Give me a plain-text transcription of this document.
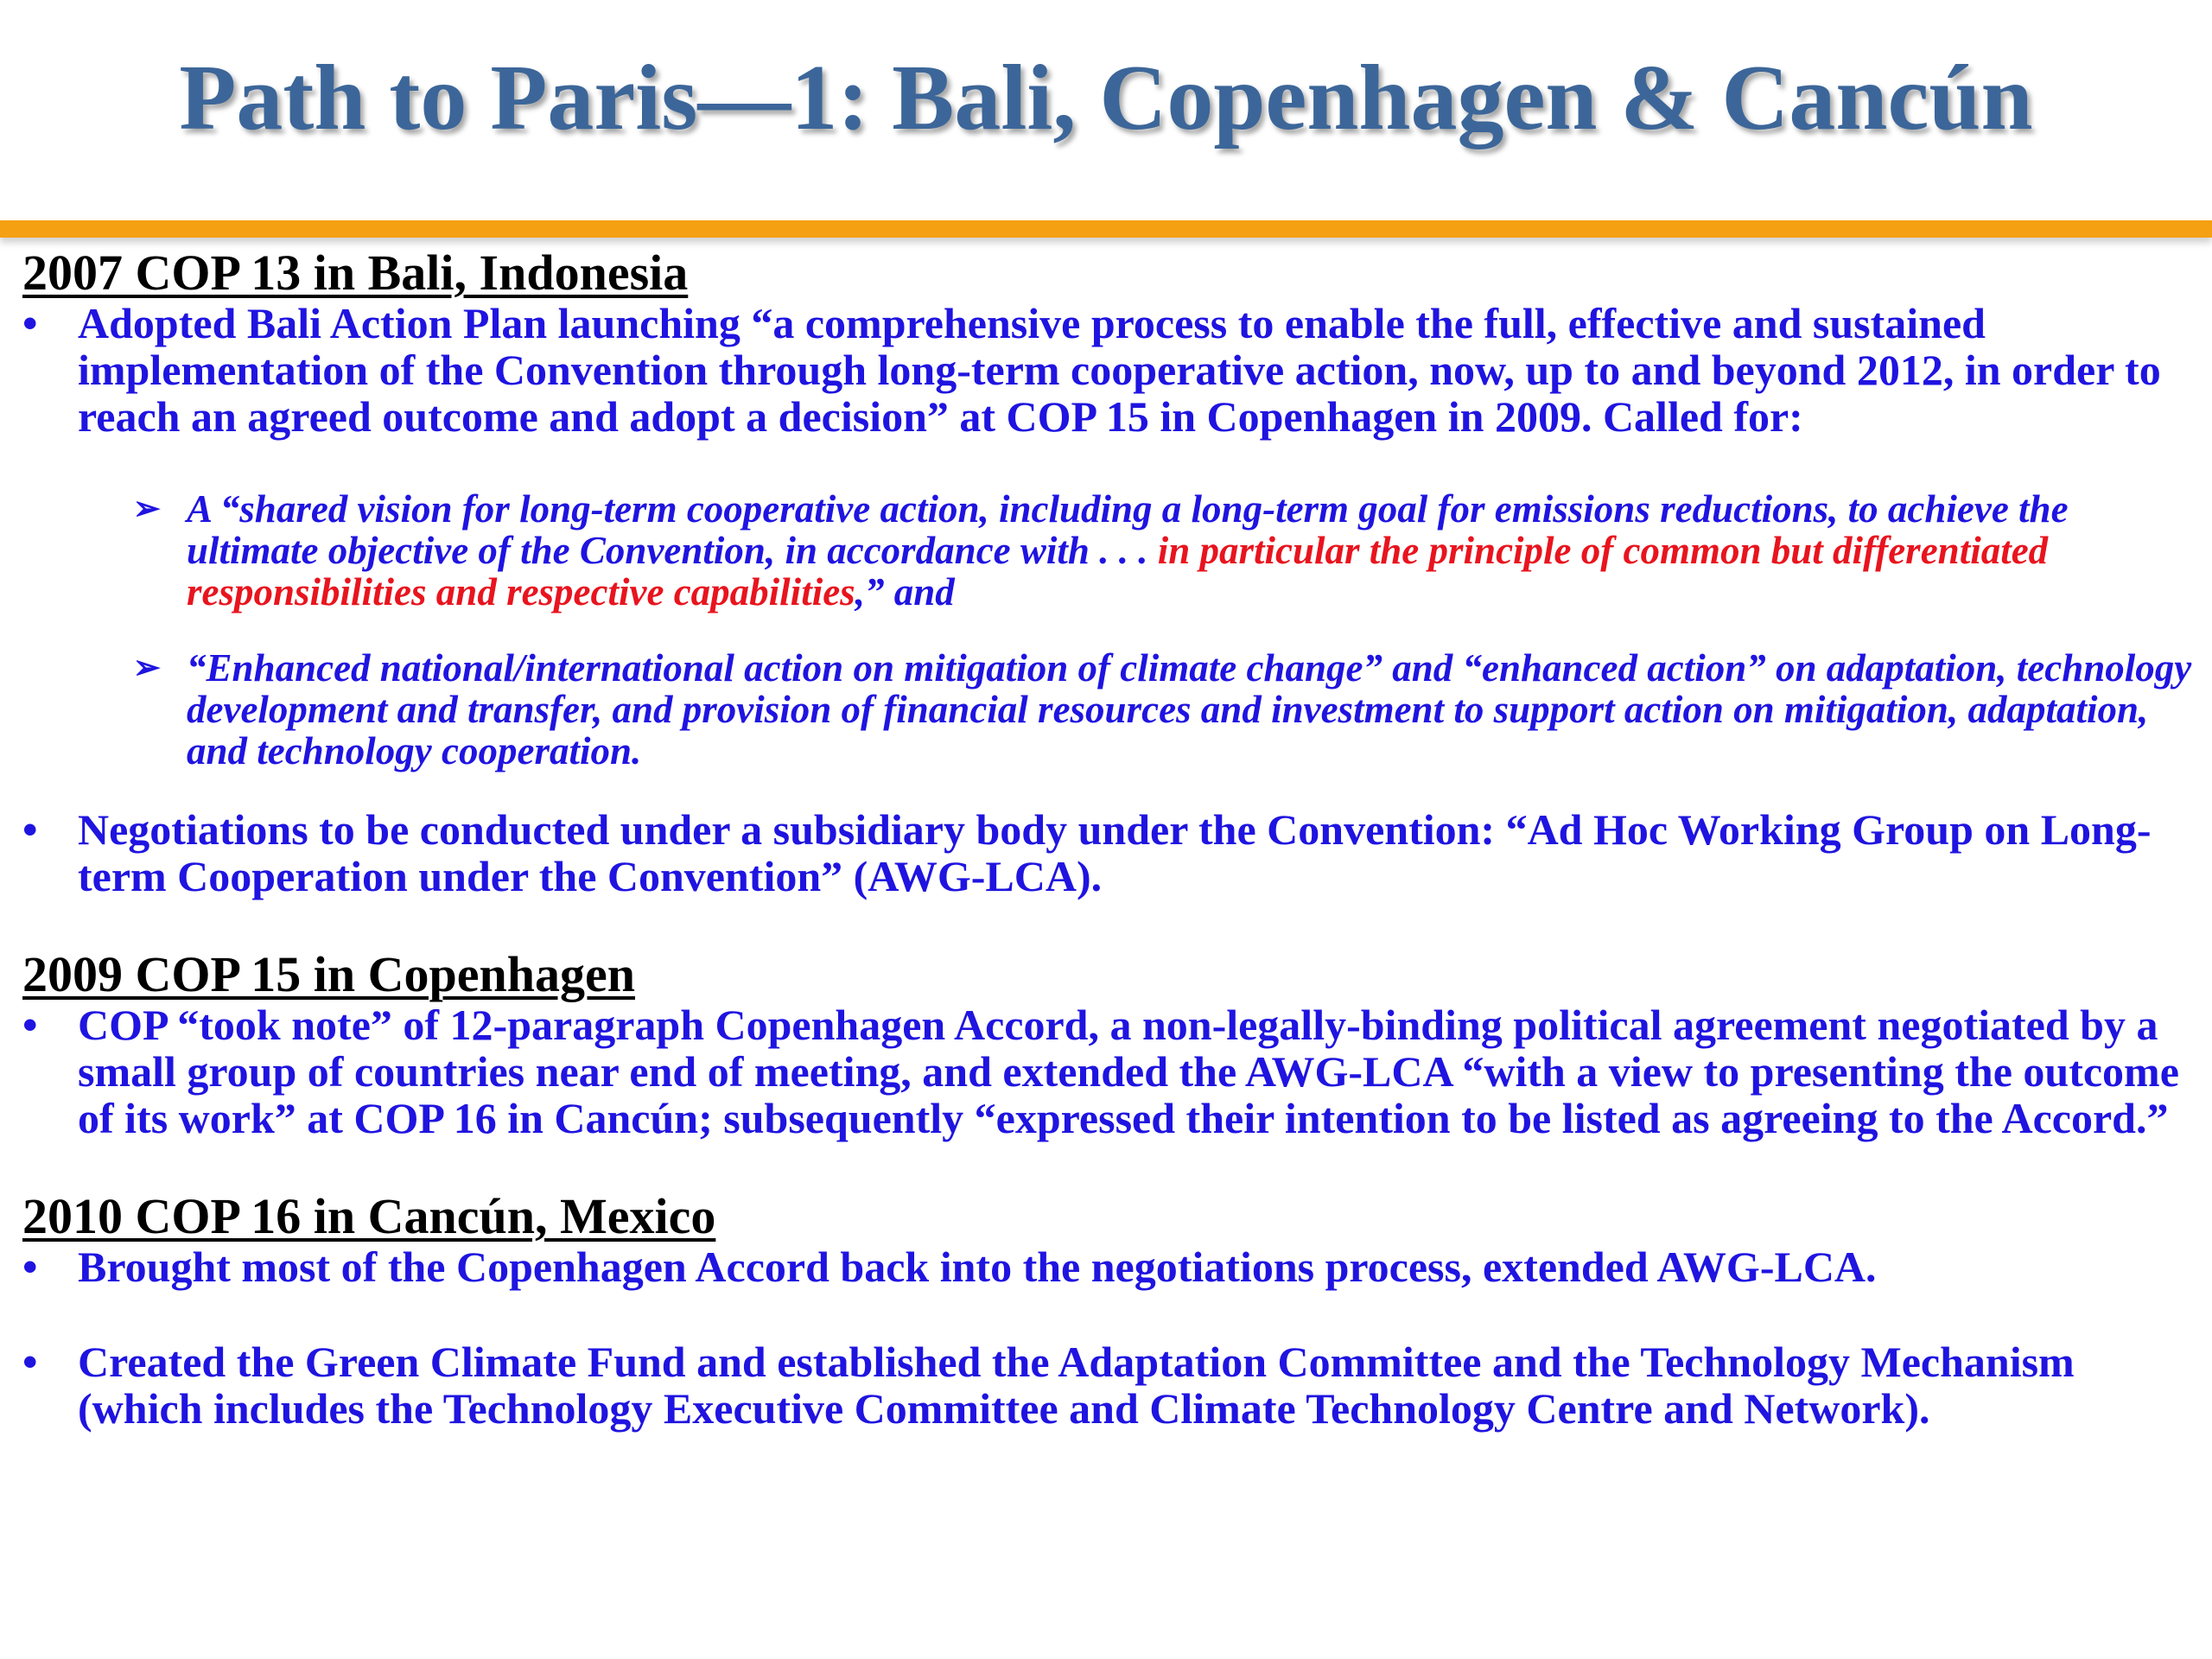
Path to Paris—1: Bali, Copenhagen & Cancún
2007 COP 13 in Bali, Indonesia
• Adopted Bali Action Plan launching “a comprehensive process to enable the full, effective and sustained implementation of the Convention through long-term cooperative action, now, up to and beyond 2012, in order to reach an agreed outcome and adopt a decision” at COP 15 in Copenhagen in 2009. Called for:
➢ A “shared vision for long-term cooperative action, including a long-term goal for emissions reductions, to achieve the ultimate objective of the Convention, in accordance with . . . in particular the principle of common but differentiated responsibilities and respective capabilities,” and
➢ “Enhanced national/international action on mitigation of climate change” and “enhanced action” on adaptation, technology development and transfer, and provision of financial resources and investment to support action on mitigation, adaptation, and technology cooperation.
• Negotiations to be conducted under a subsidiary body under the Convention: “Ad Hoc Working Group on Long-term Cooperation under the Convention” (AWG-LCA).
2009 COP 15 in Copenhagen
• COP “took note” of 12-paragraph Copenhagen Accord, a non-legally-binding political agreement negotiated by a small group of countries near end of meeting, and extended the AWG-LCA “with a view to presenting the outcome of its work” at COP 16 in Cancún; subsequently “expressed their intention to be listed as agreeing to the Accord.”
2010 COP 16 in Cancún, Mexico
• Brought most of the Copenhagen Accord back into the negotiations process, extended AWG-LCA.
• Created the Green Climate Fund and established the Adaptation Committee and the Technology Mechanism (which includes the Technology Executive Committee and Climate Technology Centre and Network).
